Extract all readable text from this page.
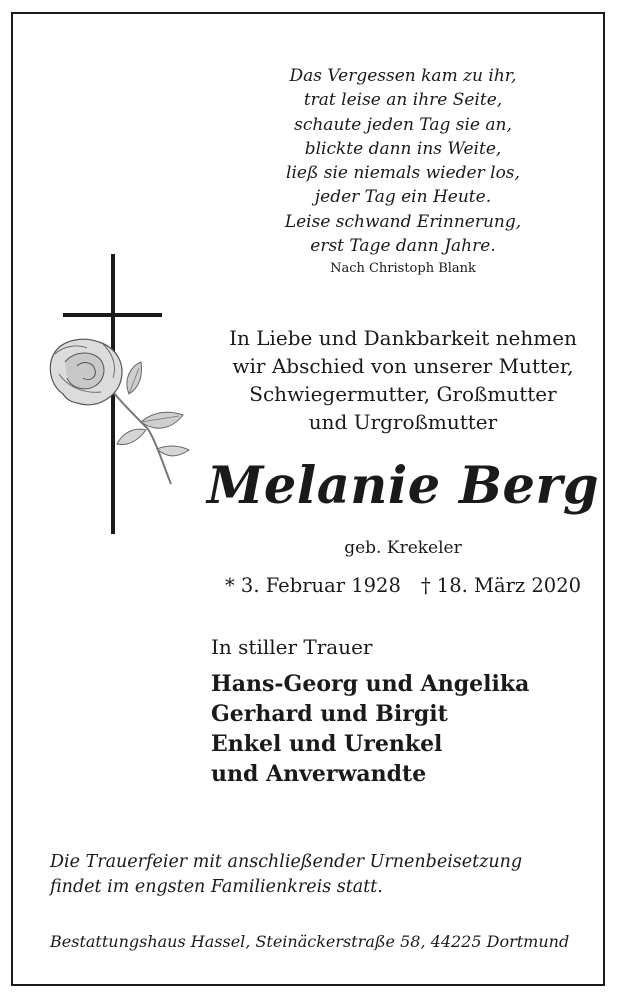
Das Vergessen kam zu ihr,
trat leise an ihre Seite,
schaute jeden Tag sie an,
blickte dann ins Weite,
ließ sie niemals wieder los,
jeder Tag ein Heute.
Leise schwand Erinnerung,
erst Tage dann Jahre.
Nach Christoph Blank
In Liebe und Dankbarkeit nehmen
wir Abschied von unserer Mutter,
Schwiegermutter, Großmutter
und Urgroßmutter
Melanie Berg
geb. Krekeler
* 3. Februar 1928 † 18. März 2020
In stiller Trauer
Hans-Georg und Angelika
Gerhard und Birgit
Enkel und Urenkel
und Anverwandte
Die Trauerfeier mit anschließender Urnenbeisetzung
findet im engsten Familienkreis statt.
Bestattungshaus Hassel, Steinäckerstraße 58, 44225 Dortmund
